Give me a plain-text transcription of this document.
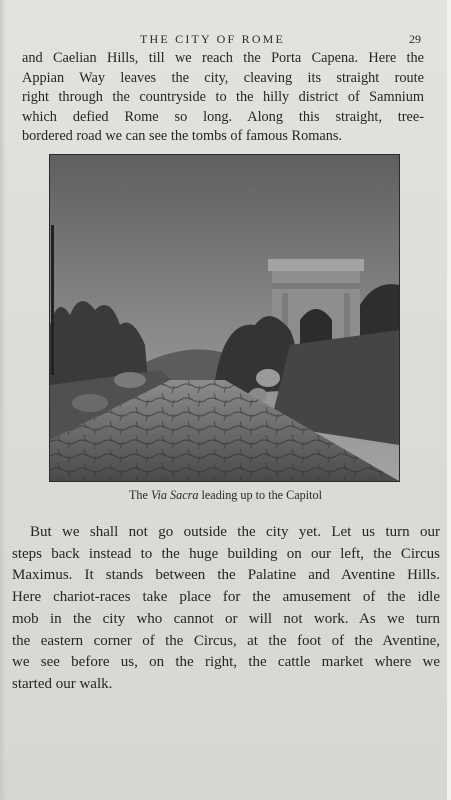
THE CITY OF ROME	29
and Caelian Hills, till we reach the Porta Capena. Here the
Appian Way leaves the city, cleaving its straight route
right through the countryside to the hilly district of Samnium
which defied Rome so long. Along this straight, tree-
bordered road we can see the tombs of famous Romans.
The Via Sacra leading up to the Capitol
But we shall not go outside the city yet. Let us turn our
steps back instead to the huge building on our left, the Circus
Maximus. It stands between the Palatine and Aventine Hills.
Here chariot-races take place for the amusement of the idle
mob in the city who cannot or will not work. As we turn
the eastern corner of the Circus, at the foot of the Aventine,
we see before us, on the right, the cattle market where we
started our walk.
